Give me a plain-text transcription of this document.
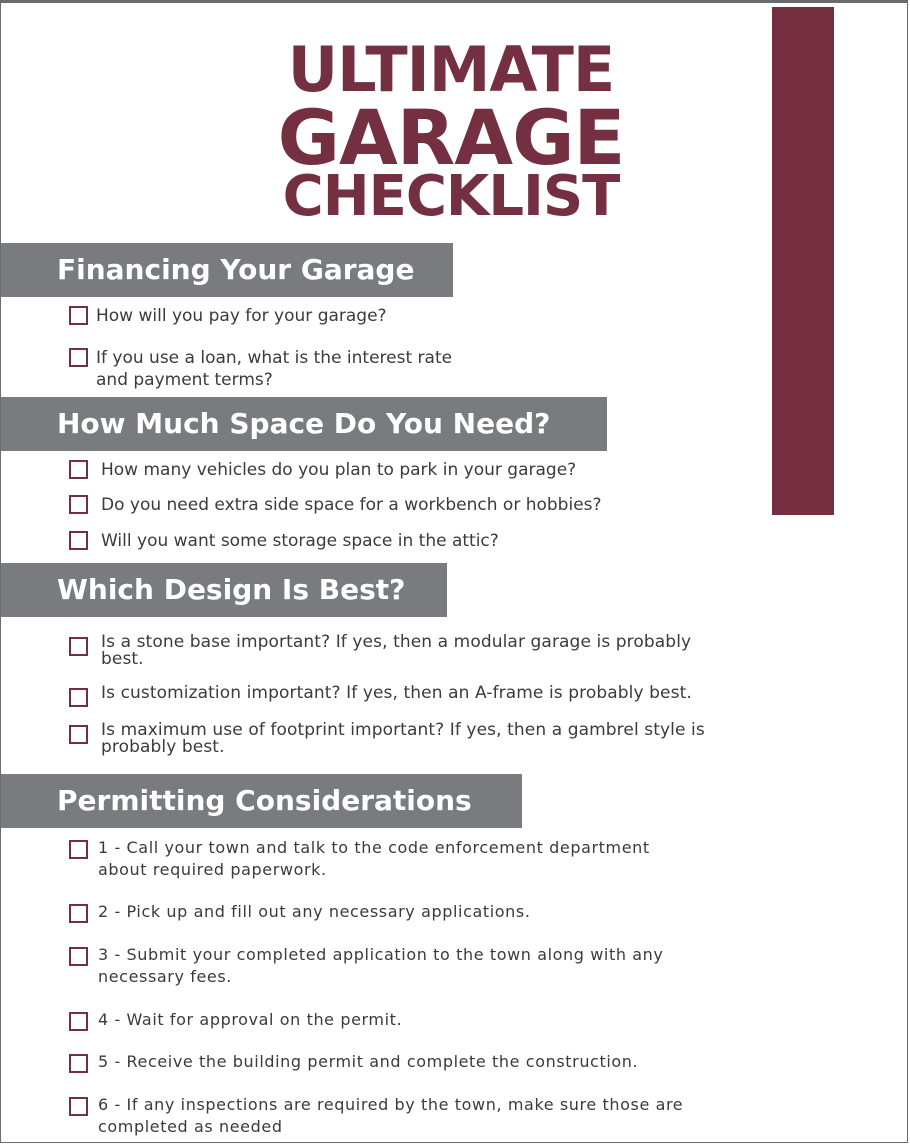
ULTIMATE
GARAGE
CHECKLIST
Financing Your Garage
How will you pay for your garage?
If you use a loan, what is the interest rate
and payment terms?
How Much Space Do You Need?
How many vehicles do you plan to park in your garage?
Do you need extra side space for a workbench or hobbies?
Will you want some storage space in the attic?
Which Design Is Best?
Is a stone base important? If yes, then a modular garage is probably
best.
Is customization important? If yes, then an A-frame is probably best.
Is maximum use of footprint important? If yes, then a gambrel style is
probably best.
Permitting Considerations
1 - Call your town and talk to the code enforcement department
about required paperwork.
2 - Pick up and fill out any necessary applications.
3 - Submit your completed application to the town along with any
necessary fees.
4 - Wait for approval on the permit.
5 - Receive the building permit and complete the construction.
6 - If any inspections are required by the town, make sure those are
completed as needed
